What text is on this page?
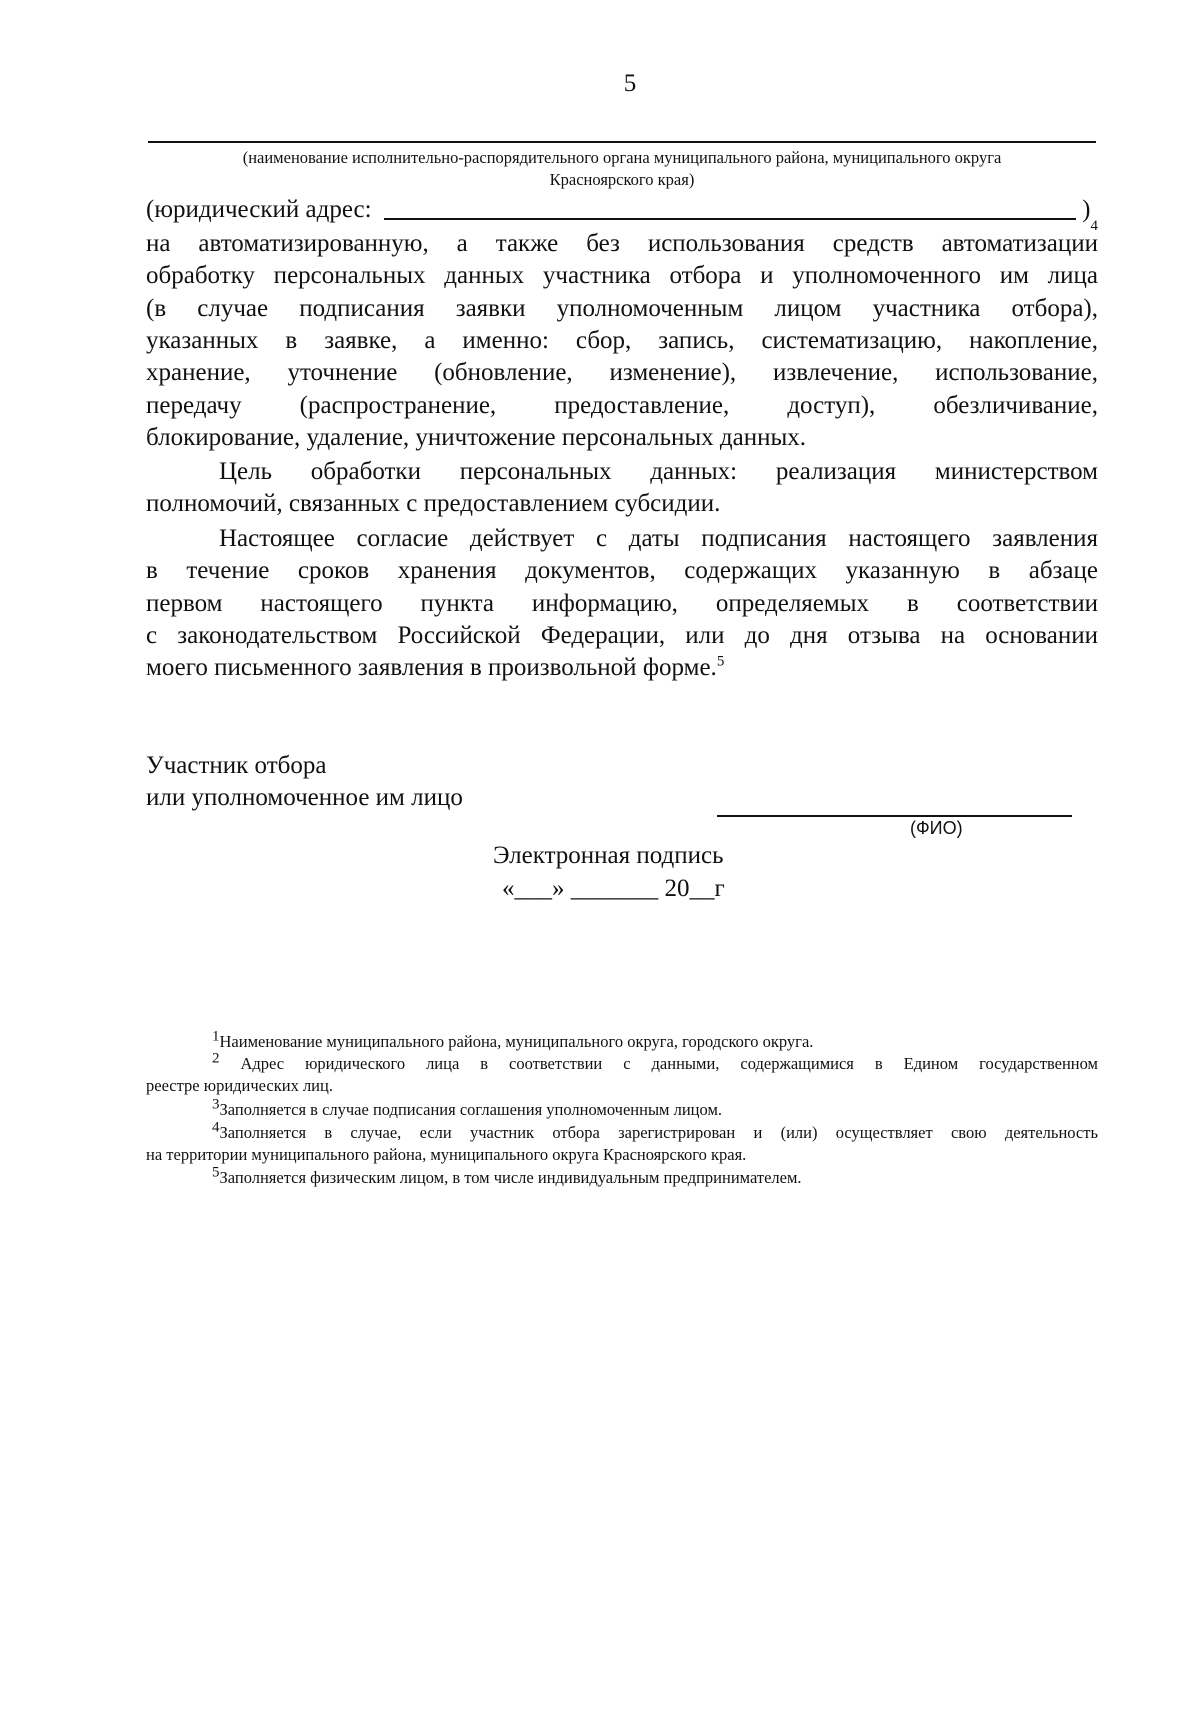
5
(наименование исполнительно-распорядительного органа муниципального района, муниципального округа
Красноярского края)
(юридический адрес:	)
4
на автоматизированную, а также без использования средств автоматизации
обработку персональных данных участника отбора и уполномоченного им лица
(в случае подписания заявки уполномоченным лицом участника отбора),
указанных в заявке, а именно: сбор, запись, систематизацию, накопление,
хранение, уточнение (обновление, изменение), извлечение, использование,
передачу (распространение, предоставление, доступ), обезличивание,
блокирование, удаление, уничтожение персональных данных.
Цель обработки персональных данных: реализация министерством
полномочий, связанных с предоставлением субсидии.
Настоящее согласие действует с даты подписания настоящего заявления
в течение сроков хранения документов, содержащих указанную в абзаце
первом настоящего пункта информацию, определяемых в соответствии
с законодательством Российской Федерации, или до дня отзыва на основании
моего письменного заявления в произвольной форме.$^5$
Участник отбора
или уполномоченное им лицо
(ФИО)
Электронная подпись
«___» _______ 20__г
$^1$Наименование муниципального района, муниципального округа, городского округа.
$^2$ Адрес юридического лица в соответствии с данными, содержащимися в Едином государственном
реестре юридических лиц.
$^3$Заполняется в случае подписания соглашения уполномоченным лицом.
$^4$Заполняется в случае, если участник отбора зарегистрирован и (или) осуществляет свою деятельность
на территории муниципального района, муниципального округа Красноярского края.
$^5$Заполняется физическим лицом, в том числе индивидуальным предпринимателем.
